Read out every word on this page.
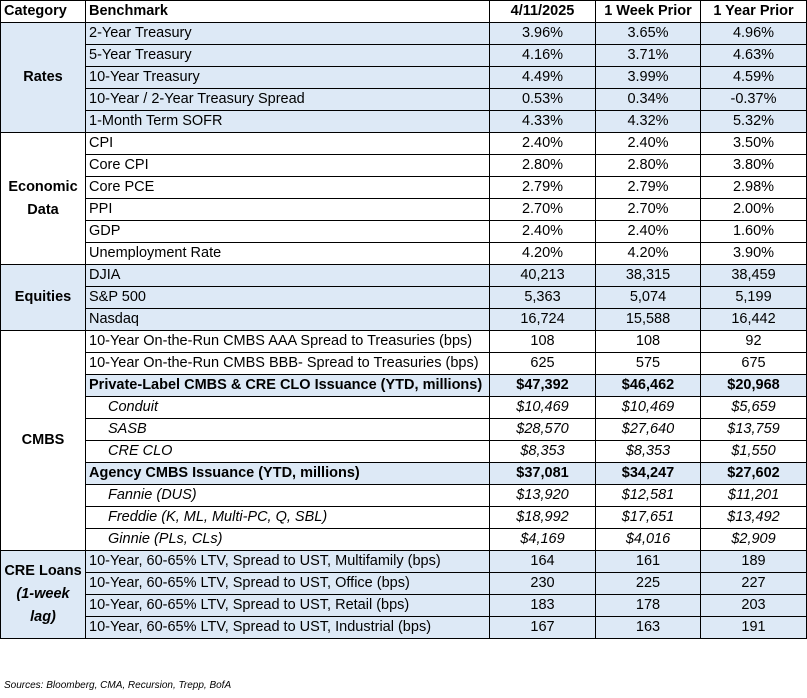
Category	Benchmark	4/11/2025	1 Week Prior	1 Year Prior
Rates	2-Year Treasury	3.96%	3.65%	4.96%
	5-Year Treasury	4.16%	3.71%	4.63%
	10-Year Treasury	4.49%	3.99%	4.59%
	10-Year / 2-Year Treasury Spread	0.53%	0.34%	-0.37%
	1-Month Term SOFR	4.33%	4.32%	5.32%
Economic
Data	CPI	2.40%	2.40%	3.50%
	Core CPI	2.80%	2.80%	3.80%
	Core PCE	2.79%	2.79%	2.98%
	PPI	2.70%	2.70%	2.00%
	GDP	2.40%	2.40%	1.60%
	Unemployment Rate	4.20%	4.20%	3.90%
Equities	DJIA	40,213	38,315	38,459
	S&P 500	5,363	5,074	5,199
	Nasdaq	16,724	15,588	16,442
CMBS	10-Year On-the-Run CMBS AAA Spread to Treasuries (bps)	108	108	92
	10-Year On-the-Run CMBS BBB- Spread to Treasuries (bps)	625	575	675
	Private-Label CMBS & CRE CLO Issuance (YTD, millions)	$47,392	$46,462	$20,968
	Conduit	$10,469	$10,469	$5,659
	SASB	$28,570	$27,640	$13,759
	CRE CLO	$8,353	$8,353	$1,550
	Agency CMBS Issuance (YTD, millions)	$37,081	$34,247	$27,602
	Fannie (DUS)	$13,920	$12,581	$11,201
	Freddie (K, ML, Multi-PC, Q, SBL)	$18,992	$17,651	$13,492
	Ginnie (PLs, CLs)	$4,169	$4,016	$2,909
CRE Loans
(1-week
lag)	10-Year, 60-65% LTV, Spread to UST, Multifamily (bps)	164	161	189
	10-Year, 60-65% LTV, Spread to UST, Office (bps)	230	225	227
	10-Year, 60-65% LTV, Spread to UST, Retail (bps)	183	178	203
	10-Year, 60-65% LTV, Spread to UST, Industrial (bps)	167	163	191
Sources: Bloomberg, CMA, Recursion, Trepp, BofA
